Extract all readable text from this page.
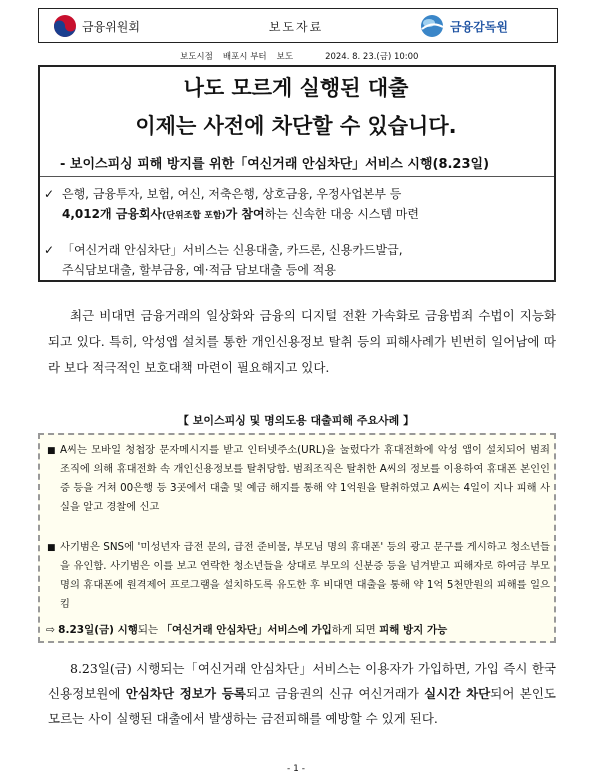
금융위원회	보도자료	금융감독원
보도시점 배포시 부터 보도	2024. 8. 23.(금) 10:00
나도 모르게 실행된 대출
이제는 사전에 차단할 수 있습니다.
- 보이스피싱 피해 방지를 위한「여신거래 안심차단」서비스 시행(8.23일)
✓ 은행, 금융투자, 보험, 여신, 저축은행, 상호금융, 우정사업본부 등
4,012개 금융회사(단위조합 포함)가 참여하는 신속한 대응 시스템 마련
✓ 「여신거래 안심차단」서비스는 신용대출, 카드론, 신용카드발급,
주식담보대출, 할부금융, 예·적금 담보대출 등에 적용
최근 비대면 금융거래의 일상화와 금융의 디지털 전환 가속화로 금융범죄 수법이 지능화되고 있다. 특히, 악성앱 설치를 통한 개인신용정보 탈취 등의 피해사례가 빈번히 일어남에 따라 보다 적극적인 보호대책 마련이 필요해지고 있다.
【 보이스피싱 및 명의도용 대출피해 주요사례 】
■ A씨는 모바일 청첩장 문자메시지를 받고 인터넷주소(URL)을 눌렀다가 휴대전화에 악성 앱이 설치되어 범죄 조직에 의해 휴대전화 속 개인신용정보를 탈취당함. 범죄조직은 탈취한 A씨의 정보를 이용하여 휴대폰 본인인증 등을 거쳐 00은행 등 3곳에서 대출 및 예금 해지를 통해 약 1억원을 탈취하였고 A씨는 4일이 지나 피해 사실을 알고 경찰에 신고
■ 사기범은 SNS에 '미성년자 급전 문의, 급전 준비물, 부모님 명의 휴대폰' 등의 광고 문구를 게시하고 청소년들을 유인함. 사기범은 이를 보고 연락한 청소년들을 상대로 부모의 신분증 등을 넘겨받고 피해자로 하여금 부모 명의 휴대폰에 원격제어 프로그램을 설치하도록 유도한 후 비대면 대출을 통해 약 1억 5천만원의 피해를 일으킴
⇨ 8.23일(금) 시행되는 「여신거래 안심차단」서비스에 가입하게 되면 피해 방지 가능
8.23일(금) 시행되는「여신거래 안심차단」서비스는 이용자가 가입하면, 가입 즉시 한국신용정보원에 안심차단 정보가 등록되고 금융권의 신규 여신거래가 실시간 차단되어 본인도 모르는 사이 실행된 대출에서 발생하는 금전피해를 예방할 수 있게 된다.
- 1 -
